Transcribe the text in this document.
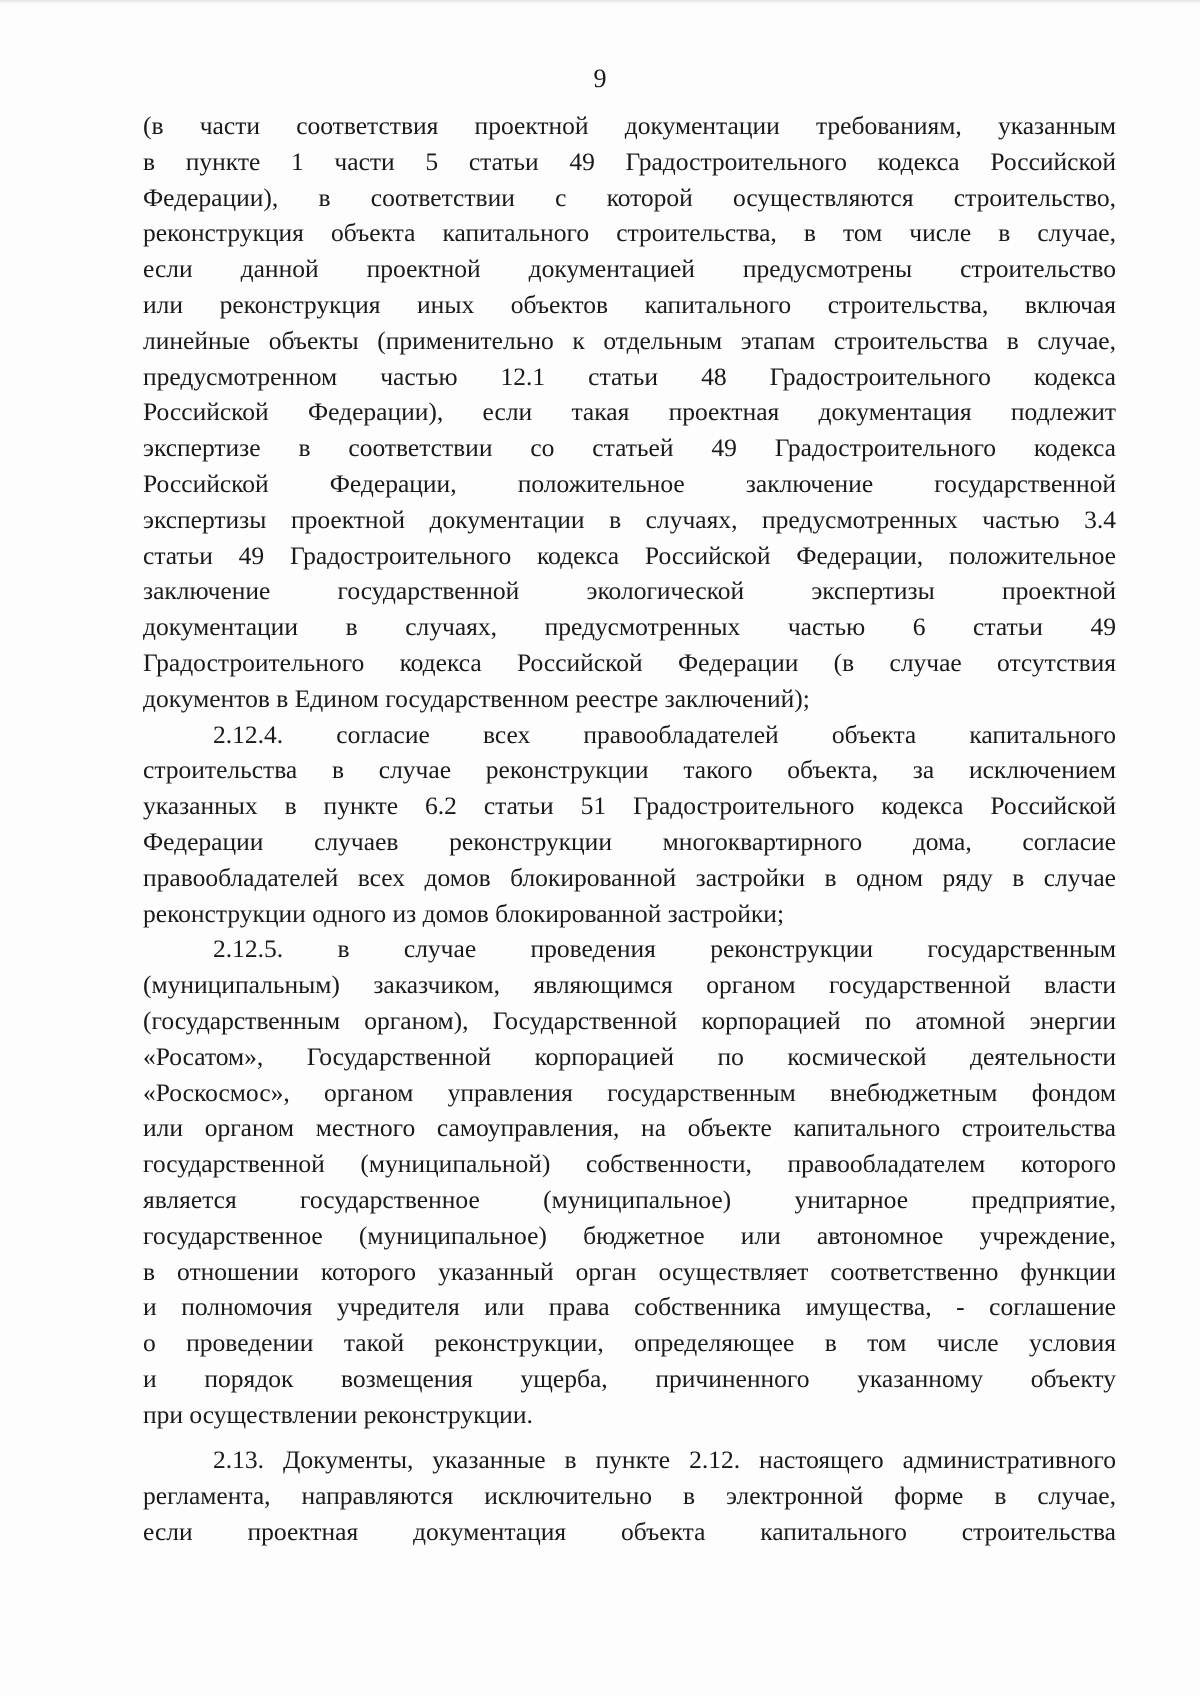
9

(в части соответствия проектной документации требованиям, указанным
в пункте 1 части 5 статьи 49 Градостроительного кодекса Российской
Федерации), в соответствии с которой осуществляются строительство,
реконструкция объекта капитального строительства, в том числе в случае,
если данной проектной документацией предусмотрены строительство
или реконструкция иных объектов капитального строительства, включая
линейные объекты (применительно к отдельным этапам строительства в случае,
предусмотренном частью 12.1 статьи 48 Градостроительного кодекса
Российской Федерации), если такая проектная документация подлежит
экспертизе в соответствии со статьей 49 Градостроительного кодекса
Российской Федерации, положительное заключение государственной
экспертизы проектной документации в случаях, предусмотренных частью 3.4
статьи 49 Градостроительного кодекса Российской Федерации, положительное
заключение государственной экологической экспертизы проектной
документации в случаях, предусмотренных частью 6 статьи 49
Градостроительного кодекса Российской Федерации (в случае отсутствия
документов в Едином государственном реестре заключений);

2.12.4. согласие всех правообладателей объекта капитального
строительства в случае реконструкции такого объекта, за исключением
указанных в пункте 6.2 статьи 51 Градостроительного кодекса Российской
Федерации случаев реконструкции многоквартирного дома, согласие
правообладателей всех домов блокированной застройки в одном ряду в случае
реконструкции одного из домов блокированной застройки;

2.12.5. в случае проведения реконструкции государственным
(муниципальным) заказчиком, являющимся органом государственной власти
(государственным органом), Государственной корпорацией по атомной энергии
«Росатом», Государственной корпорацией по космической деятельности
«Роскосмос», органом управления государственным внебюджетным фондом
или органом местного самоуправления, на объекте капитального строительства
государственной (муниципальной) собственности, правообладателем которого
является государственное (муниципальное) унитарное предприятие,
государственное (муниципальное) бюджетное или автономное учреждение,
в отношении которого указанный орган осуществляет соответственно функции
и полномочия учредителя или права собственника имущества, - соглашение
о проведении такой реконструкции, определяющее в том числе условия
и порядок возмещения ущерба, причиненного указанному объекту
при осуществлении реконструкции.

2.13. Документы, указанные в пункте 2.12. настоящего административного
регламента, направляются исключительно в электронной форме в случае,
если проектная документация объекта капитального строительства
